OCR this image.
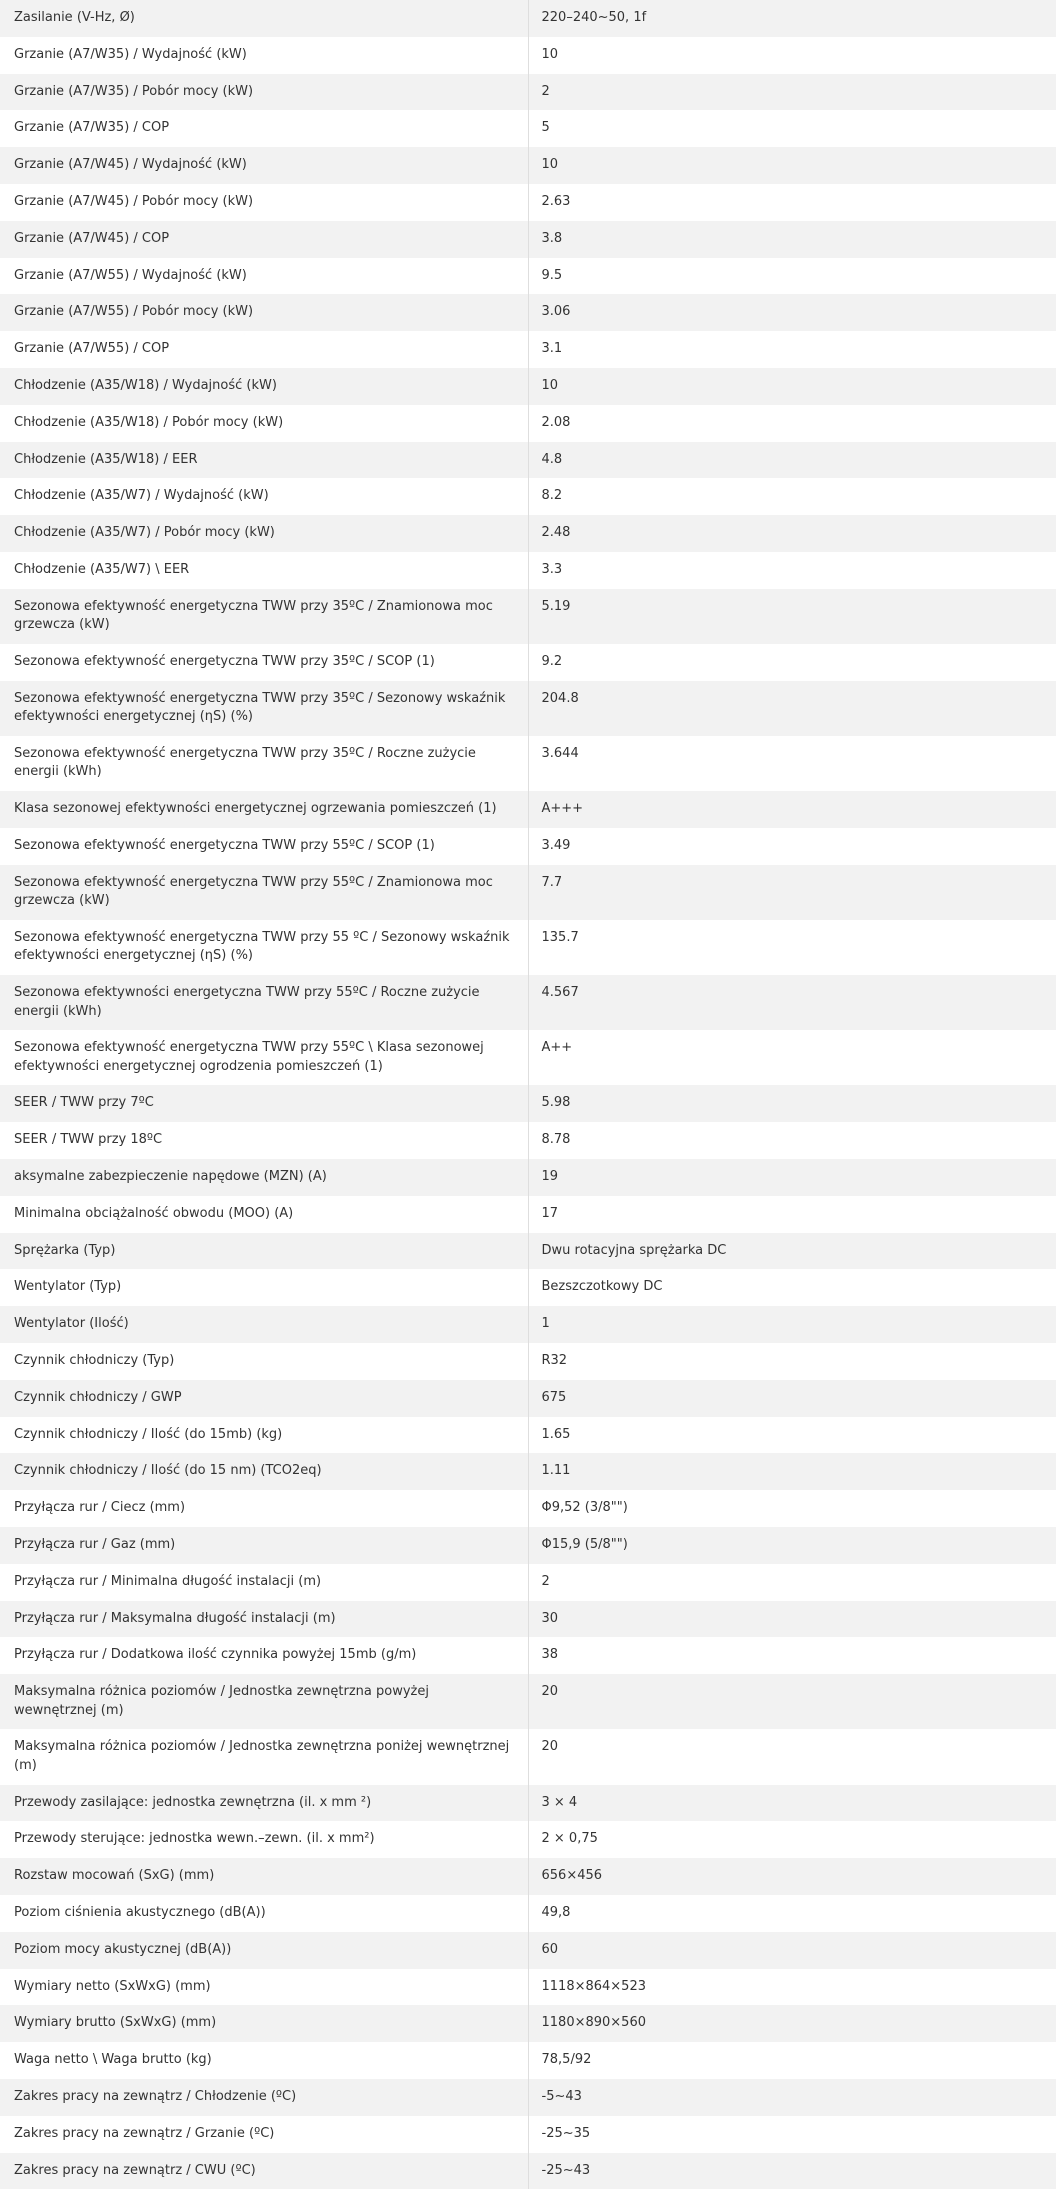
Zasilanie (V-Hz, Ø)	220–240~50, 1f
Grzanie (A7/W35) / Wydajność (kW)	10
Grzanie (A7/W35) / Pobór mocy (kW)	2
Grzanie (A7/W35) / COP	5
Grzanie (A7/W45) / Wydajność (kW)	10
Grzanie (A7/W45) / Pobór mocy (kW)	2.63
Grzanie (A7/W45) / COP	3.8
Grzanie (A7/W55) / Wydajność (kW)	9.5
Grzanie (A7/W55) / Pobór mocy (kW)	3.06
Grzanie (A7/W55) / COP	3.1
Chłodzenie (A35/W18) / Wydajność (kW)	10
Chłodzenie (A35/W18) / Pobór mocy (kW)	2.08
Chłodzenie (A35/W18) / EER	4.8
Chłodzenie (A35/W7) / Wydajność (kW)	8.2
Chłodzenie (A35/W7) / Pobór mocy (kW)	2.48
Chłodzenie (A35/W7) \ EER	3.3
Sezonowa efektywność energetyczna TWW przy 35ºC / Znamionowa moc grzewcza (kW)	5.19
Sezonowa efektywność energetyczna TWW przy 35ºC / SCOP (1)	9.2
Sezonowa efektywność energetyczna TWW przy 35ºC / Sezonowy wskaźnik efektywności energetycznej (ηS) (%)	204.8
Sezonowa efektywność energetyczna TWW przy 35ºC / Roczne zużycie energii (kWh)	3.644
Klasa sezonowej efektywności energetycznej ogrzewania pomieszczeń (1)	A+++
Sezonowa efektywność energetyczna TWW przy 55ºC / SCOP (1)	3.49
Sezonowa efektywność energetyczna TWW przy 55ºC / Znamionowa moc grzewcza (kW)	7.7
Sezonowa efektywność energetyczna TWW przy 55 ºC / Sezonowy wskaźnik efektywności energetycznej (ηS) (%)	135.7
Sezonowa efektywności energetyczna TWW przy 55ºC / Roczne zużycie energii (kWh)	4.567
Sezonowa efektywność energetyczna TWW przy 55ºC \ Klasa sezonowej efektywności energetycznej ogrodzenia pomieszczeń (1)	A++
SEER / TWW przy 7ºC	5.98
SEER / TWW przy 18ºC	8.78
aksymalne zabezpieczenie napędowe (MZN) (A)	19
Minimalna obciążalność obwodu (MOO) (A)	17
Sprężarka (Typ)	Dwu rotacyjna sprężarka DC
Wentylator (Typ)	Bezszczotkowy DC
Wentylator (Ilość)	1
Czynnik chłodniczy (Typ)	R32
Czynnik chłodniczy / GWP	675
Czynnik chłodniczy / Ilość (do 15mb) (kg)	1.65
Czynnik chłodniczy / Ilość (do 15 nm) (TCO2eq)	1.11
Przyłącza rur / Ciecz (mm)	Φ9,52 (3/8"")
Przyłącza rur / Gaz (mm)	Φ15,9 (5/8"")
Przyłącza rur / Minimalna długość instalacji (m)	2
Przyłącza rur / Maksymalna długość instalacji (m)	30
Przyłącza rur / Dodatkowa ilość czynnika powyżej 15mb (g/m)	38
Maksymalna różnica poziomów / Jednostka zewnętrzna powyżej wewnętrznej (m)	20
Maksymalna różnica poziomów / Jednostka zewnętrzna poniżej wewnętrznej (m)	20
Przewody zasilające: jednostka zewnętrzna (il. x mm ²)	3 × 4
Przewody sterujące: jednostka wewn.–zewn. (il. x mm²)	2 × 0,75
Rozstaw mocowań (SxG) (mm)	656×456
Poziom ciśnienia akustycznego (dB(A))	49,8
Poziom mocy akustycznej (dB(A))	60
Wymiary netto (SxWxG) (mm)	1118×864×523
Wymiary brutto (SxWxG) (mm)	1180×890×560
Waga netto \ Waga brutto (kg)	78,5/92
Zakres pracy na zewnątrz / Chłodzenie (ºC)	-5~43
Zakres pracy na zewnątrz / Grzanie (ºC)	-25~35
Zakres pracy na zewnątrz / CWU (ºC)	-25~43
